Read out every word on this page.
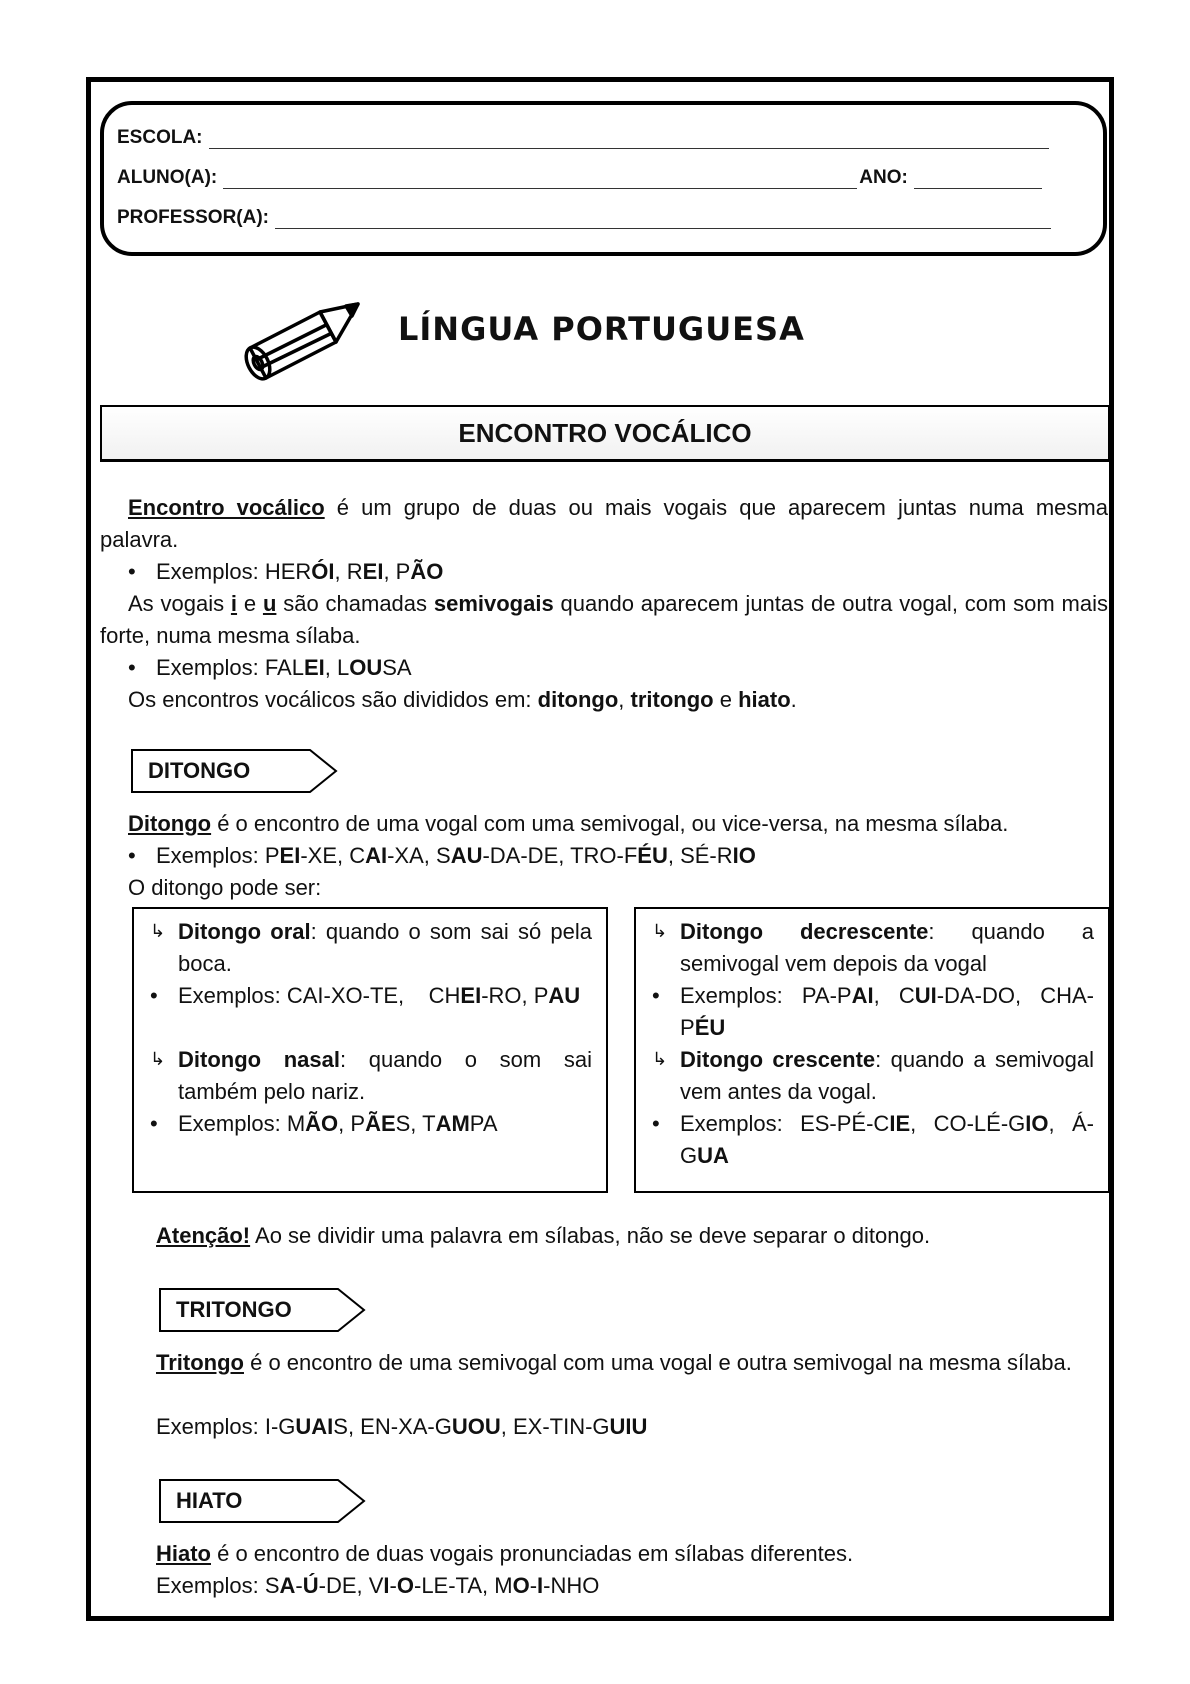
ESCOLA:
ALUNO(A):	ANO:
PROFESSOR(A):
LÍNGUA PORTUGUESA
ENCONTRO VOCÁLICO

Encontro vocálico é um grupo de duas ou mais vogais que aparecem juntas numa mesma palavra.

• Exemplos: HERÓI, REI, PÃO

As vogais i e u são chamadas semivogais quando aparecem juntas de outra vogal, com som mais forte, numa mesma sílaba.

• Exemplos: FALEI, LOUSA

Os encontros vocálicos são divididos em: ditongo, tritongo e hiato.

DITONGO

Ditongo é o encontro de uma vogal com uma semivogal, ou vice-versa, na mesma sílaba.

• Exemplos: PEI-XE, CAI-XA, SAU-DA-DE, TRO-FÉU, SÉ-RIO

O ditongo pode ser:

↳ Ditongo oral: quando o som sai só pela boca.
• Exemplos: CAI-XO-TE,    CHEI-RO, PAU
↳ Ditongo nasal: quando o som sai também pelo nariz.
• Exemplos: MÃO, PÃES, TAMPA
↳ Ditongo decrescente: quando a semivogal vem depois da vogal
• Exemplos: PA-PAI, CUI-DA-DO, CHA-PÉU
↳ Ditongo crescente: quando a semivogal vem antes da vogal.
• Exemplos: ES-PÉ-CIE, CO-LÉ-GIO, Á-GUA

Atenção! Ao se dividir uma palavra em sílabas, não se deve separar o ditongo.

TRITONGO

Tritongo é o encontro de uma semivogal com uma vogal e outra semivogal na mesma sílaba.

Exemplos: I-GUAIS, EN-XA-GUOU, EX-TIN-GUIU

HIATO

Hiato é o encontro de duas vogais pronunciadas em sílabas diferentes.

Exemplos: SA-Ú-DE, VI-O-LE-TA, MO-I-NHO
